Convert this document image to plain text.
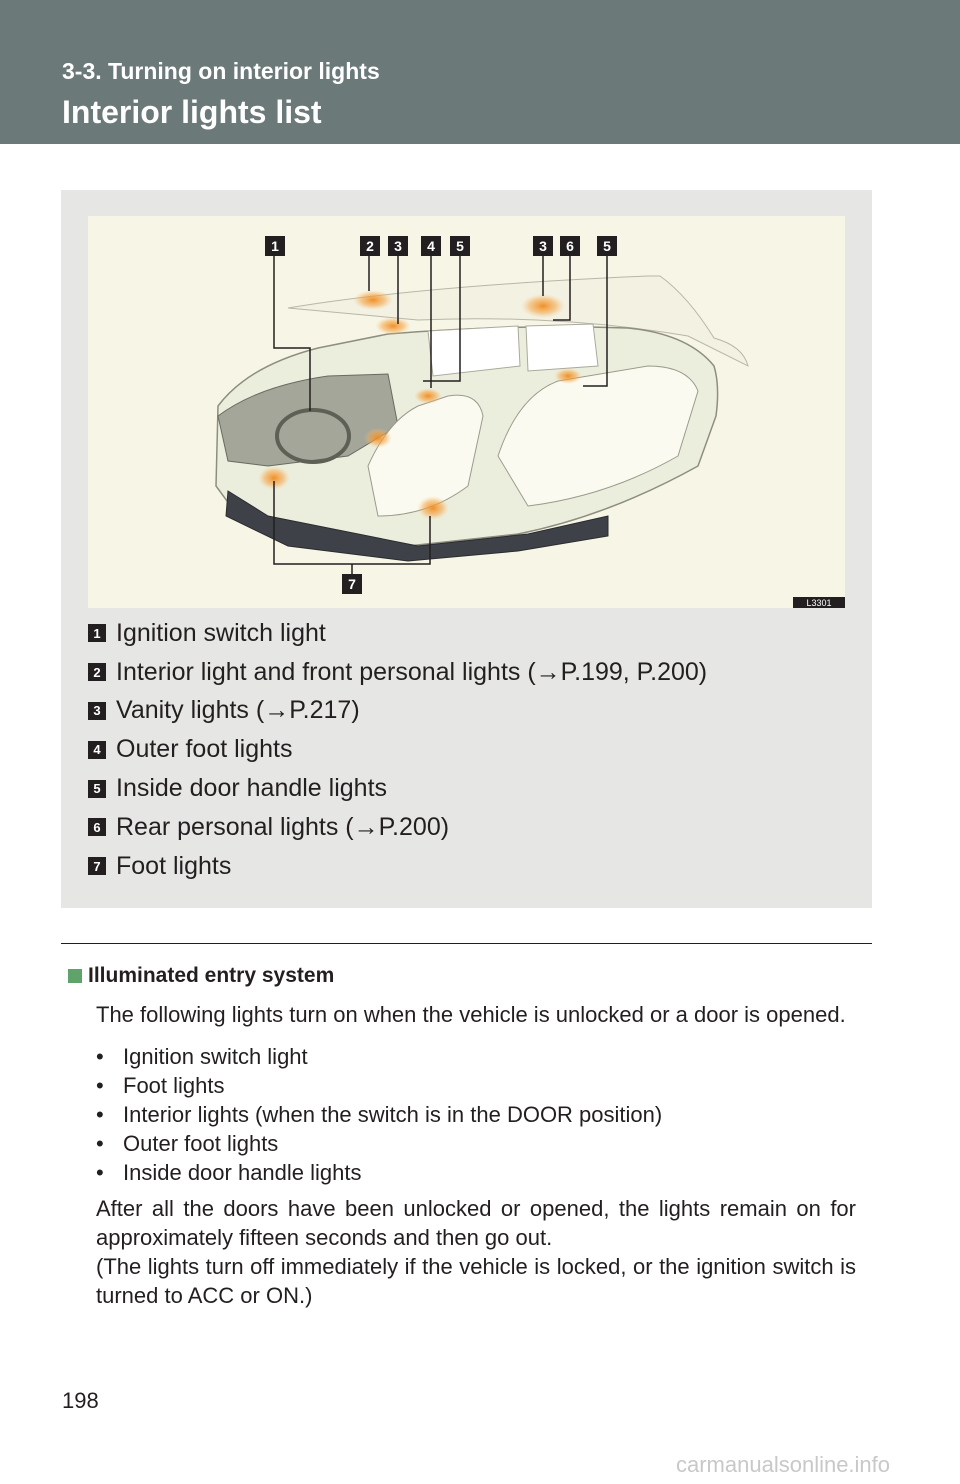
3-3. Turning on interior lights
Interior lights list
1	2 3 4 5	3 6 5
7
L3301
1 Ignition switch light
2 Interior light and front personal lights (→P.199, P.200)
3 Vanity lights (→P.217)
4 Outer foot lights
5 Inside door handle lights
6 Rear personal lights (→P.200)
7 Foot lights
Illuminated entry system

The following lights turn on when the vehicle is unlocked or a door is opened.

• Ignition switch light
• Foot lights
• Interior lights (when the switch is in the DOOR position)
• Outer foot lights
• Inside door handle lights

After all the doors have been unlocked or opened, the lights remain on for approximately fifteen seconds and then go out.
(The lights turn off immediately if the vehicle is locked, or the ignition switch is turned to ACC or ON.)

198
carmanualsonline.info
